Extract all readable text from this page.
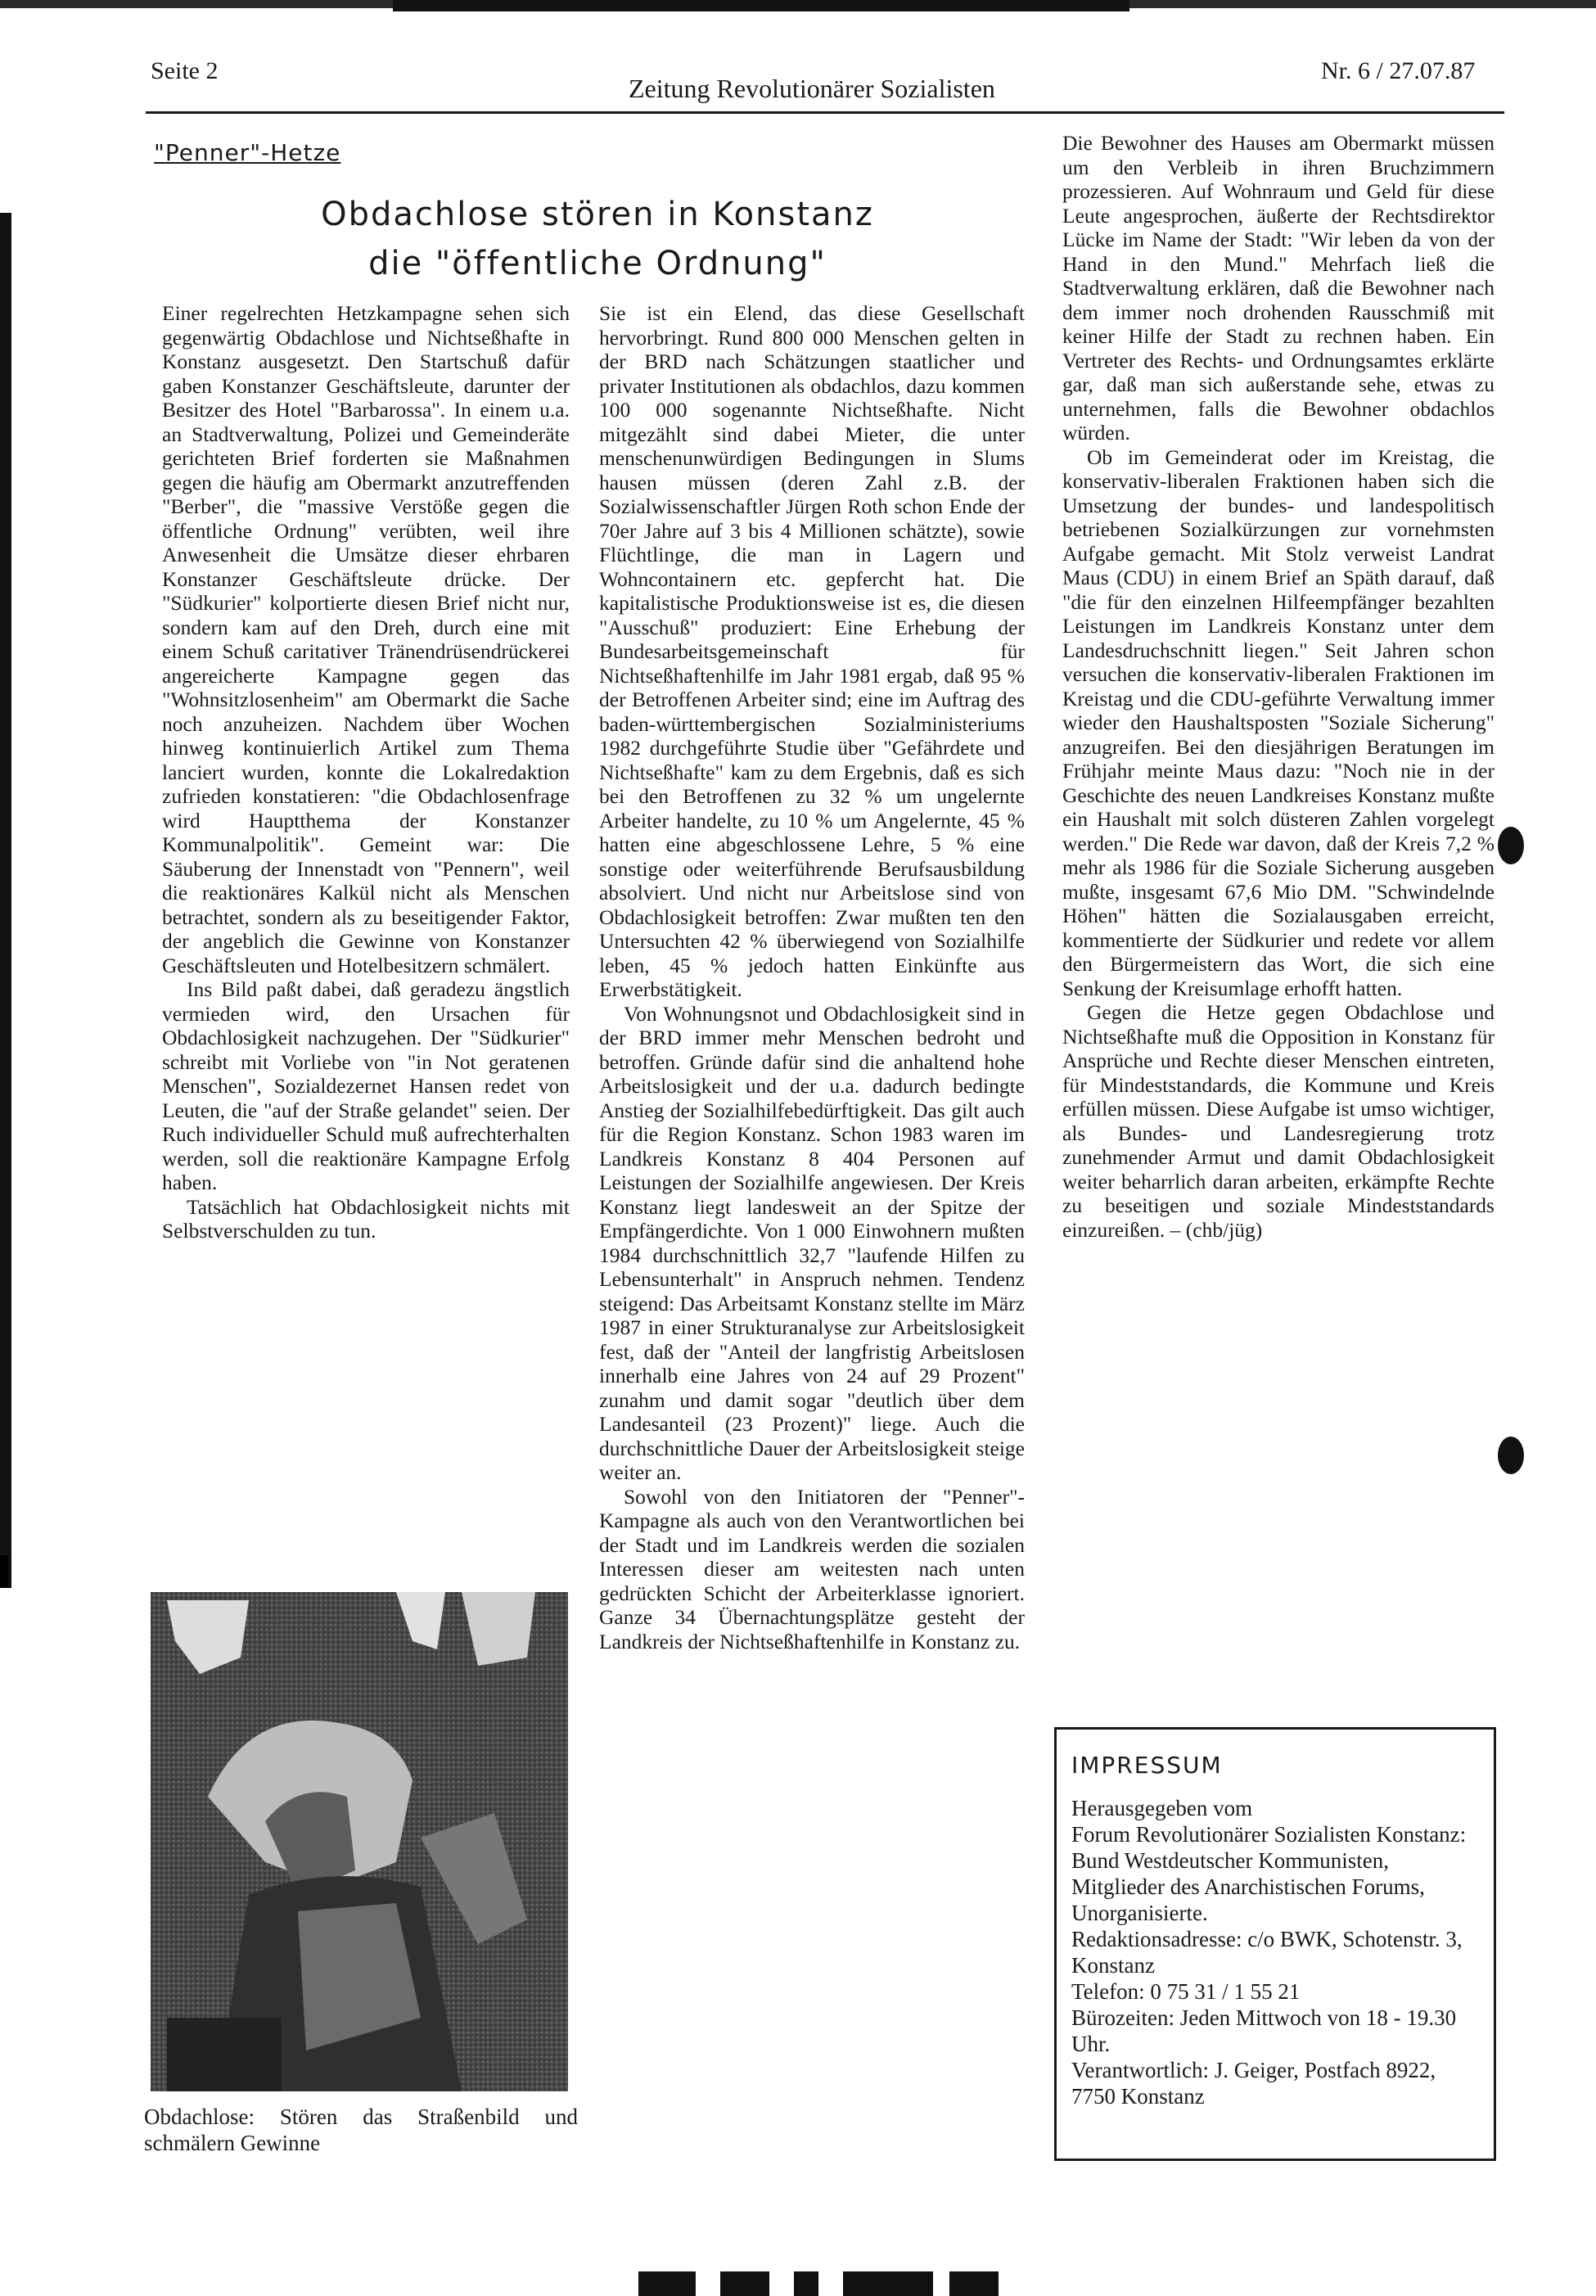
Seite 2
Zeitung Revolutionärer Sozialisten
Nr. 6 / 27.07.87
"Penner"-Hetze
Obdachlose stören in Konstanz
die "öffentliche Ordnung"

Einer regelrechten Hetzkampagne sehen sich gegenwärtig Obdachlose und Nichtseßhafte in Konstanz ausgesetzt. Den Startschuß dafür gaben Konstanzer Geschäftsleute, darunter der Besitzer des Hotel "Barbarossa". In einem u.a. an Stadtverwaltung, Polizei und Gemeinderäte gerichteten Brief forderten sie Maßnahmen gegen die häufig am Obermarkt anzutreffenden "Berber", die "massive Verstöße gegen die öffentliche Ordnung" verübten, weil ihre Anwesenheit die Umsätze dieser ehrbaren Konstanzer Geschäftsleute drücke. Der "Südkurier" kolportierte diesen Brief nicht nur, sondern kam auf den Dreh, durch eine mit einem Schuß caritativer Tränendrüsendrückerei angereicherte Kampagne gegen das "Wohnsitzlosenheim" am Obermarkt die Sache noch anzuheizen. Nachdem über Wochen hinweg kontinuierlich Artikel zum Thema lanciert wurden, konnte die Lokalredaktion zufrieden konstatieren: "die Obdachlosenfrage wird Hauptthema der Konstanzer Kommunalpolitik". Gemeint war: Die Säuberung der Innenstadt von "Pennern", weil die reaktionäres Kalkül nicht als Menschen betrachtet, sondern als zu beseitigender Faktor, der angeblich die Gewinne von Konstanzer Geschäftsleuten und Hotelbesitzern schmälert.

Ins Bild paßt dabei, daß geradezu ängstlich vermieden wird, den Ursachen für Obdachlosigkeit nachzugehen. Der "Südkurier" schreibt mit Vorliebe von "in Not geratenen Menschen", Sozialdezernet Hansen redet von Leuten, die "auf der Straße gelandet" seien. Der Ruch individueller Schuld muß aufrechterhalten werden, soll die reaktionäre Kampagne Erfolg haben.

Tatsächlich hat Obdachlosigkeit nichts mit Selbstverschulden zu tun.

Obdachlose: Stören das Straßenbild und schmälern Gewinne

Sie ist ein Elend, das diese Gesellschaft hervorbringt. Rund 800 000 Menschen gelten in der BRD nach Schätzungen staatlicher und privater Institutionen als obdachlos, dazu kommen 100 000 sogenannte Nichtseßhafte. Nicht mitgezählt sind dabei Mieter, die unter menschenunwürdigen Bedingungen in Slums hausen müssen (deren Zahl z.B. der Sozialwissenschaftler Jürgen Roth schon Ende der 70er Jahre auf 3 bis 4 Millionen schätzte), sowie Flüchtlinge, die man in Lagern und Wohncontainern etc. gepfercht hat. Die kapitalistische Produktionsweise ist es, die diesen "Ausschuß" produziert: Eine Erhebung der Bundesarbeitsgemeinschaft für Nichtseßhaftenhilfe im Jahr 1981 ergab, daß 95 % der Betroffenen Arbeiter sind; eine im Auftrag des baden-württembergischen Sozialministeriums 1982 durchgeführte Studie über "Gefährdete und Nichtseßhafte" kam zu dem Ergebnis, daß es sich bei den Betroffenen zu 32 % um ungelernte Arbeiter handelte, zu 10 % um Angelernte, 45 % hatten eine abgeschlossene Lehre, 5 % eine sonstige oder weiterführende Berufsausbildung absolviert. Und nicht nur Arbeitslose sind von Obdachlosigkeit betroffen: Zwar mußten ten den Untersuchten 42 % überwiegend von Sozialhilfe leben, 45 % jedoch hatten Einkünfte aus Erwerbstätigkeit.

Von Wohnungsnot und Obdachlosigkeit sind in der BRD immer mehr Menschen bedroht und betroffen. Gründe dafür sind die anhaltend hohe Arbeitslosigkeit und der u.a. dadurch bedingte Anstieg der Sozialhilfebedürftigkeit. Das gilt auch für die Region Konstanz. Schon 1983 waren im Landkreis Konstanz 8 404 Personen auf Leistungen der Sozialhilfe angewiesen. Der Kreis Konstanz liegt landesweit an der Spitze der Empfängerdichte. Von 1 000 Einwohnern mußten 1984 durchschnittlich 32,7 "laufende Hilfen zu Lebensunterhalt" in Anspruch nehmen. Tendenz steigend: Das Arbeitsamt Konstanz stellte im März 1987 in einer Strukturanalyse zur Arbeitslosigkeit fest, daß der "Anteil der langfristig Arbeitslosen innerhalb eine Jahres von 24 auf 29 Prozent" zunahm und damit sogar "deutlich über dem Landesanteil (23 Prozent)" liege. Auch die durchschnittliche Dauer der Arbeitslosigkeit steige weiter an.

Sowohl von den Initiatoren der "Penner"-Kampagne als auch von den Verantwortlichen bei der Stadt und im Landkreis werden die sozialen Interessen dieser am weitesten nach unten gedrückten Schicht der Arbeiterklasse ignoriert. Ganze 34 Übernachtungsplätze gesteht der Landkreis der Nichtseßhaftenhilfe in Konstanz zu.

Die Bewohner des Hauses am Obermarkt müssen um den Verbleib in ihren Bruchzimmern prozessieren. Auf Wohnraum und Geld für diese Leute angesprochen, äußerte der Rechtsdirektor Lücke im Name der Stadt: "Wir leben da von der Hand in den Mund." Mehrfach ließ die Stadtverwaltung erklären, daß die Bewohner nach dem immer noch drohenden Rausschmiß mit keiner Hilfe der Stadt zu rechnen haben. Ein Vertreter des Rechts- und Ordnungsamtes erklärte gar, daß man sich außerstande sehe, etwas zu unternehmen, falls die Bewohner obdachlos würden.

Ob im Gemeinderat oder im Kreistag, die konservativ-liberalen Fraktionen haben sich die Umsetzung der bundes- und landespolitisch betriebenen Sozialkürzungen zur vornehmsten Aufgabe gemacht. Mit Stolz verweist Landrat Maus (CDU) in einem Brief an Späth darauf, daß "die für den einzelnen Hilfeempfänger bezahlten Leistungen im Landkreis Konstanz unter dem Landesdruchschnitt liegen." Seit Jahren schon versuchen die konservativ-liberalen Fraktionen im Kreistag und die CDU-geführte Verwaltung immer wieder den Haushaltsposten "Soziale Sicherung" anzugreifen. Bei den diesjährigen Beratungen im Frühjahr meinte Maus dazu: "Noch nie in der Geschichte des neuen Landkreises Konstanz mußte ein Haushalt mit solch düsteren Zahlen vorgelegt werden." Die Rede war davon, daß der Kreis 7,2 % mehr als 1986 für die Soziale Sicherung ausgeben mußte, insgesamt 67,6 Mio DM. "Schwindelnde Höhen" hätten die Sozialausgaben erreicht, kommentierte der Südkurier und redete vor allem den Bürgermeistern das Wort, die sich eine Senkung der Kreisumlage erhofft hatten.

Gegen die Hetze gegen Obdachlose und Nichtseßhafte muß die Opposition in Konstanz für Ansprüche und Rechte dieser Menschen eintreten, für Mindeststandards, die Kommune und Kreis erfüllen müssen. Diese Aufgabe ist umso wichtiger, als Bundes- und Landesregierung trotz zunehmender Armut und damit Obdachlosigkeit weiter beharrlich daran arbeiten, erkämpfte Rechte zu beseitigen und soziale Mindeststandards einzureißen. – (chb/jüg)

IMPRESSUM
Herausgegeben vom
Forum Revolutionärer Sozialisten Konstanz:
Bund Westdeutscher Kommunisten, Mitglieder des Anarchistischen Forums, Unorganisierte.
Redaktionsadresse: c/o BWK, Schotenstr. 3, Konstanz
Telefon: 0 75 31 / 1 55 21
Bürozeiten: Jeden Mittwoch von 18 - 19.30 Uhr.
Verantwortlich: J. Geiger, Postfach 8922, 7750 Konstanz
